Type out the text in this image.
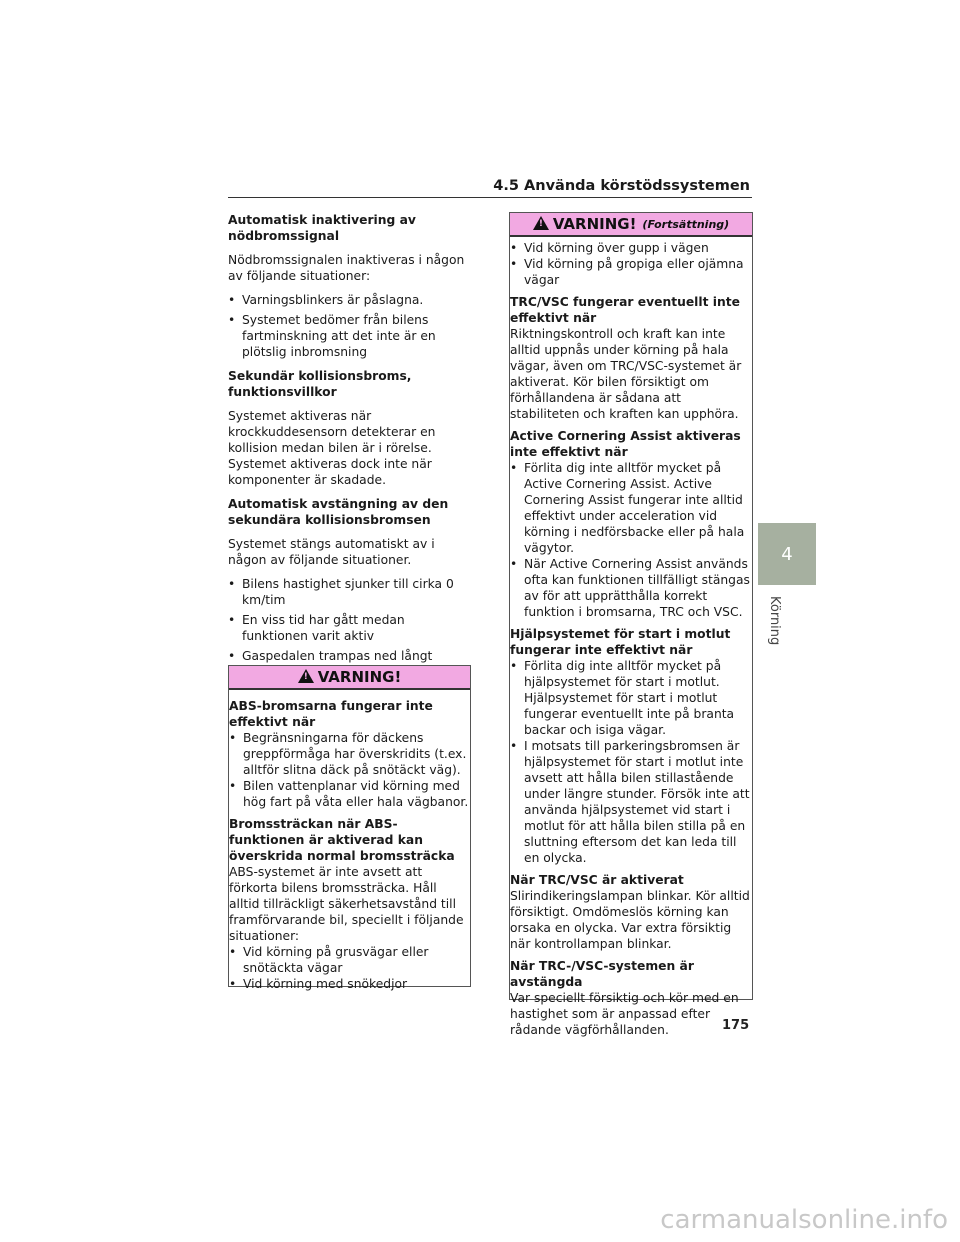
4.5 Använda körstödssystemen
Automatisk inaktivering av nödbromssignal
Nödbromssignalen inaktiveras i någon av följande situationer:
• Varningsblinkers är påslagna.
• Systemet bedömer från bilens fartminskning att det inte är en plötslig inbromsning
Sekundär kollisionsbroms, funktionsvillkor
Systemet aktiveras när krockkuddesensorn detekterar en kollision medan bilen är i rörelse. Systemet aktiveras dock inte när komponenter är skadade.
Automatisk avstängning av den sekundära kollisionsbromsen
Systemet stängs automatiskt av i någon av följande situationer.
• Bilens hastighet sjunker till cirka 0 km/tim
• En viss tid har gått medan funktionen varit aktiv
• Gaspedalen trampas ned långt
!
VARNING!
ABS-bromsarna fungerar inte effektivt när
• Begränsningarna för däckens greppförmåga har överskridits (t.ex. alltför slitna däck på snötäckt väg).
• Bilen vattenplanar vid körning med hög fart på våta eller hala vägbanor.
Bromssträckan när ABS-funktionen är aktiverad kan överskrida normal bromssträcka
ABS-systemet är inte avsett att förkorta bilens bromssträcka. Håll alltid tillräckligt säkerhetsavstånd till framförvarande bil, speciellt i följande situationer:
• Vid körning på grusvägar eller snötäckta vägar
• Vid körning med snökedjor
!
VARNING! (Fortsättning)
• Vid körning över gupp i vägen
• Vid körning på gropiga eller ojämna vägar
TRC/VSC fungerar eventuellt inte effektivt när
Riktningskontroll och kraft kan inte alltid uppnås under körning på hala vägar, även om TRC/VSC-systemet är aktiverat. Kör bilen försiktigt om förhållandena är sådana att stabiliteten och kraften kan upphöra.
Active Cornering Assist aktiveras inte effektivt när
• Förlita dig inte alltför mycket på Active Cornering Assist. Active Cornering Assist fungerar inte alltid effektivt under acceleration vid körning i nedförsbacke eller på hala vägytor.
• När Active Cornering Assist används ofta kan funktionen tillfälligt stängas av för att upprätthålla korrekt funktion i bromsarna, TRC och VSC.
Hjälpsystemet för start i motlut fungerar inte effektivt när
• Förlita dig inte alltför mycket på hjälpsystemet för start i motlut. Hjälpsystemet för start i motlut fungerar eventuellt inte på branta backar och isiga vägar.
• I motsats till parkeringsbromsen är hjälpsystemet för start i motlut inte avsett att hålla bilen stillastående under längre stunder. Försök inte att använda hjälpsystemet vid start i motlut för att hålla bilen stilla på en sluttning eftersom det kan leda till en olycka.
När TRC/VSC är aktiverat
Slirindikeringslampan blinkar. Kör alltid försiktigt. Omdömeslös körning kan orsaka en olycka. Var extra försiktig när kontrollampan blinkar.
När TRC-/VSC-systemen är avstängda
Var speciellt försiktig och kör med en hastighet som är anpassad efter rådande vägförhållanden.
4
Körning
175
carmanualsonline.info
